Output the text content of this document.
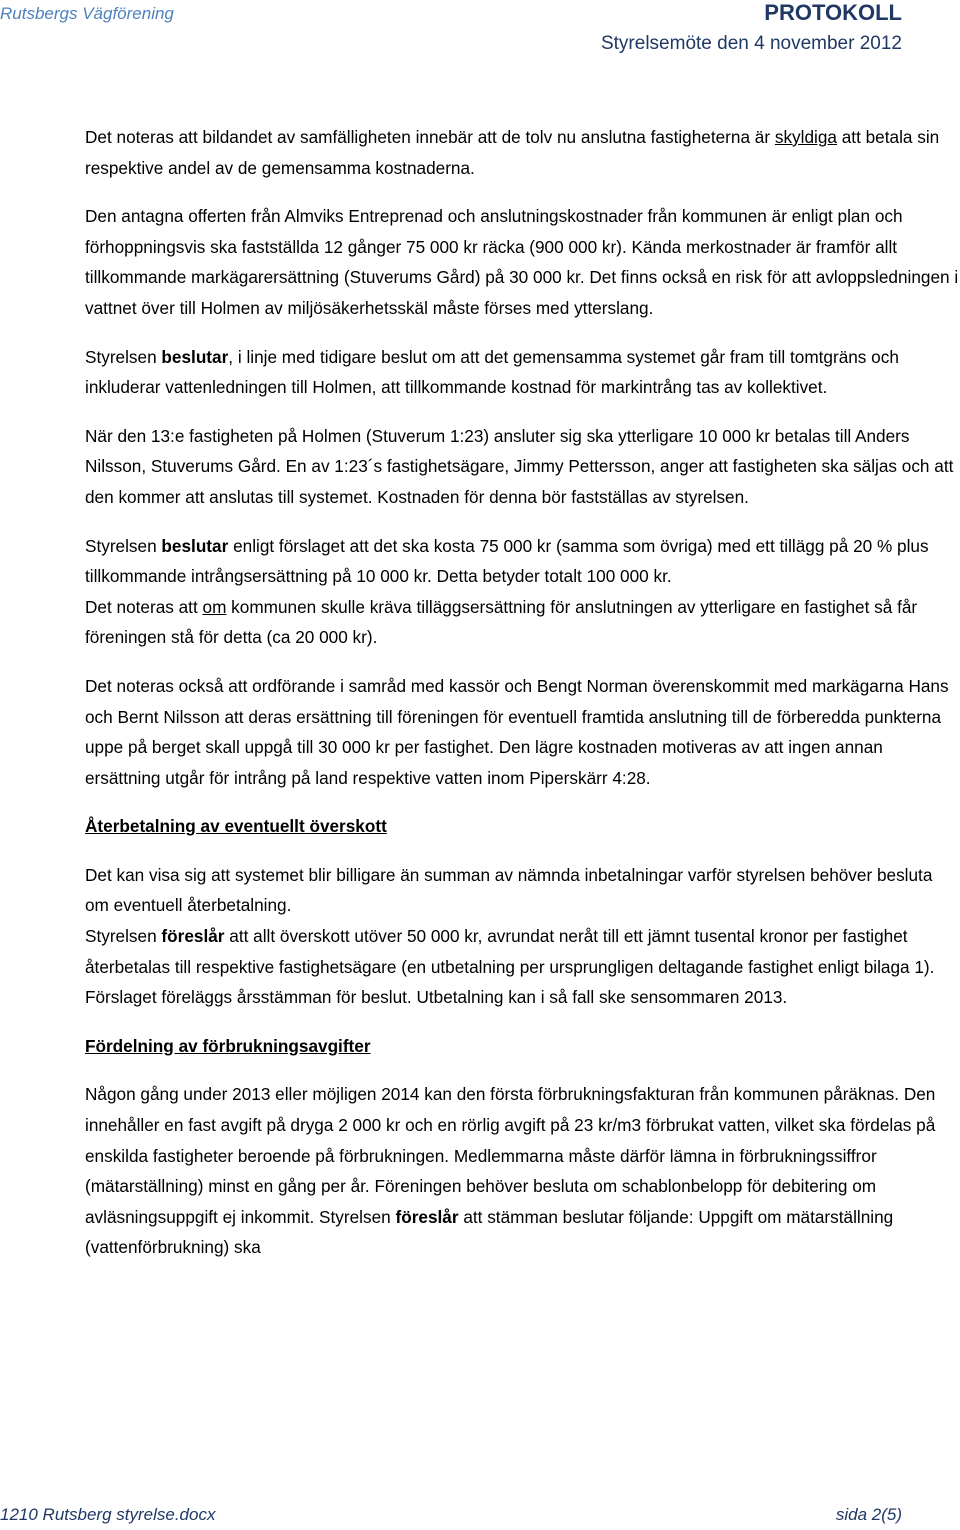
Rutsbergs Vägförening	PROTOKOLL
Styrelsemöte den 4 november 2012

Det noteras att bildandet av samfälligheten innebär att de tolv nu anslutna fastigheterna är skyldiga att betala sin respektive andel av de gemensamma kostnaderna.

Den antagna offerten från Almviks Entreprenad och anslutningskostnader från kommunen är enligt plan och förhoppningsvis ska fastställda 12 gånger 75 000 kr räcka (900 000 kr). Kända merkostnader är framför allt tillkommande markägarersättning (Stuverums Gård) på 30 000 kr. Det finns också en risk för att avloppsledningen i vattnet över till Holmen av miljösäkerhetsskäl måste förses med ytterslang.

Styrelsen beslutar, i linje med tidigare beslut om att det gemensamma systemet går fram till tomtgräns och inkluderar vattenledningen till Holmen, att tillkommande kostnad för markintrång tas av kollektivet.

När den 13:e fastigheten på Holmen (Stuverum 1:23) ansluter sig ska ytterligare 10 000 kr betalas till Anders Nilsson, Stuverums Gård. En av 1:23´s fastighetsägare, Jimmy Pettersson, anger att fastigheten ska säljas och att den kommer att anslutas till systemet. Kostnaden för denna bör fastställas av styrelsen.

Styrelsen beslutar enligt förslaget att det ska kosta 75 000 kr (samma som övriga) med ett tillägg på 20 % plus tillkommande intrångsersättning på 10 000 kr. Detta betyder totalt 100 000 kr.

Det noteras att om kommunen skulle kräva tilläggsersättning för anslutningen av ytterligare en fastighet så får föreningen stå för detta (ca 20 000 kr).

Det noteras också att ordförande i samråd med kassör och Bengt Norman överenskommit med markägarna Hans och Bernt Nilsson att deras ersättning till föreningen för eventuell framtida anslutning till de förberedda punkterna uppe på berget skall uppgå till 30 000 kr per fastighet. Den lägre kostnaden motiveras av att ingen annan ersättning utgår för intrång på land respektive vatten inom Piperskärr 4:28.

Återbetalning av eventuellt överskott

Det kan visa sig att systemet blir billigare än summan av nämnda inbetalningar varför styrelsen behöver besluta om eventuell återbetalning.

Styrelsen föreslår att allt överskott utöver 50 000 kr, avrundat neråt till ett jämnt tusental kronor per fastighet återbetalas till respektive fastighetsägare (en utbetalning per ursprungligen deltagande fastighet enligt bilaga 1). Förslaget föreläggs årsstämman för beslut. Utbetalning kan i så fall ske sensommaren 2013.

Fördelning av förbrukningsavgifter

Någon gång under 2013 eller möjligen 2014 kan den första förbrukningsfakturan från kommunen påräknas. Den innehåller en fast avgift på dryga 2 000 kr och en rörlig avgift på 23 kr/m3 förbrukat vatten, vilket ska fördelas på enskilda fastigheter beroende på förbrukningen. Medlemmarna måste därför lämna in förbrukningssiffror (mätarställning) minst en gång per år. Föreningen behöver besluta om schablonbelopp för debitering om avläsningsuppgift ej inkommit. Styrelsen föreslår att stämman beslutar följande: Uppgift om mätarställning (vattenförbrukning) ska

1210 Rutsberg styrelse.docx	sida 2(5)
